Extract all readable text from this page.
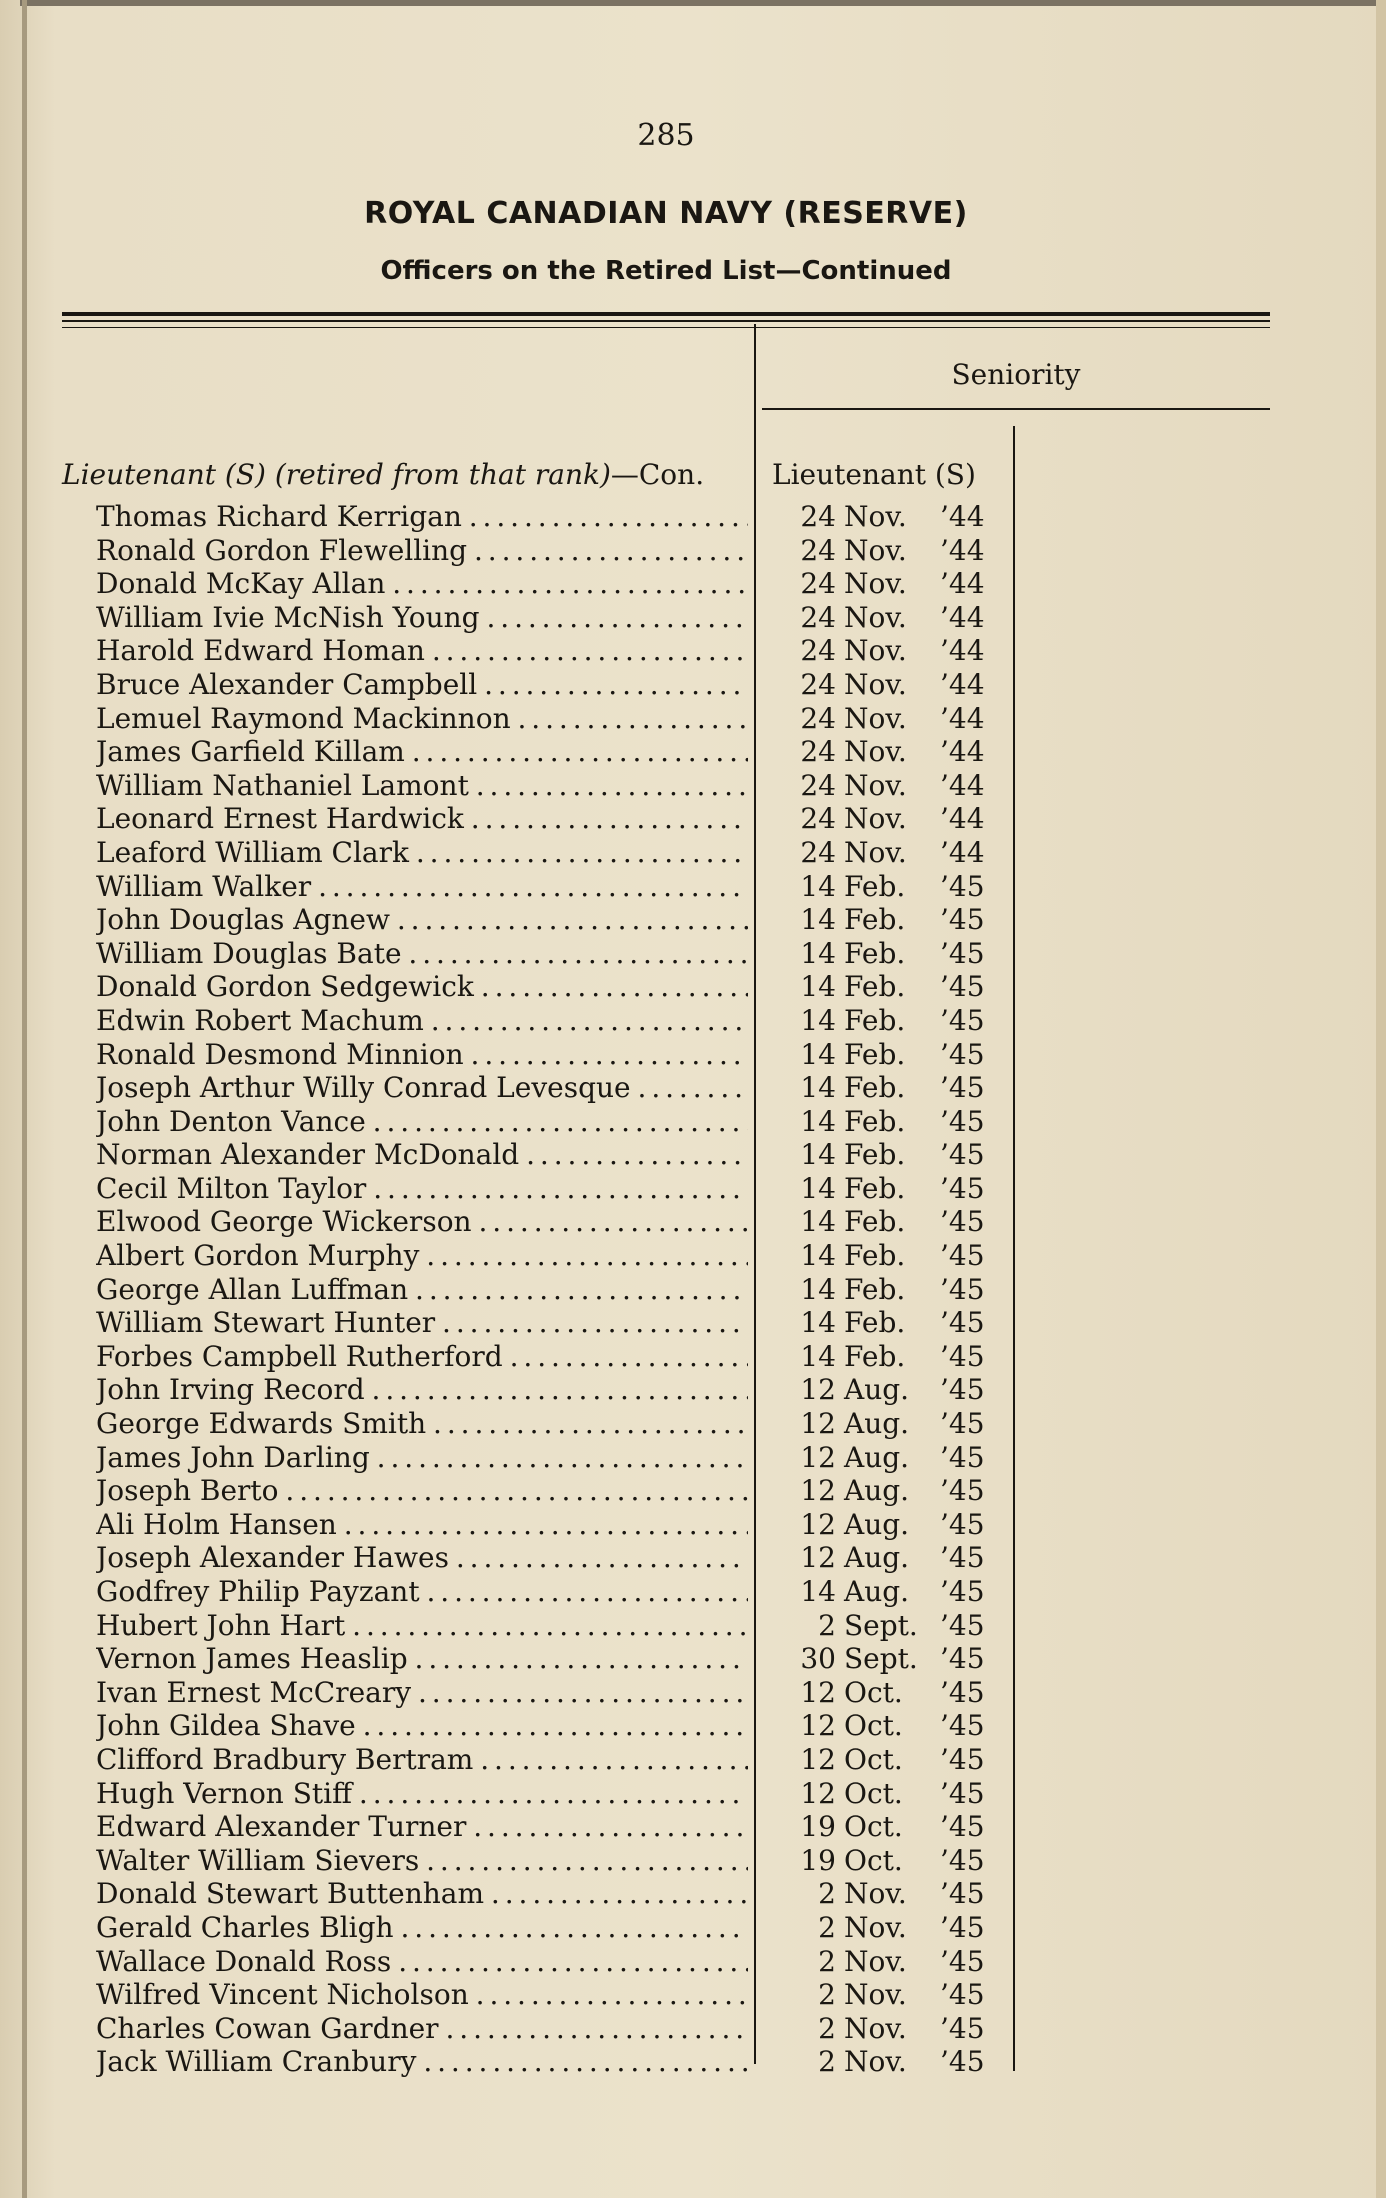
285
ROYAL CANADIAN NAVY (RESERVE)
Officers on the Retired List—Continued
Seniority
Lieutenant (S) (retired from that rank)—Con. Lieutenant (S)
Thomas Richard Kerrigan . . .	24 Nov.	’44
Ronald Gordon Flewelling . . .	24 Nov.	’44
Donald McKay Allan . . .	24 Nov.	’44
William Ivie McNish Young . . .	24 Nov.	’44
Harold Edward Homan . . .	24 Nov.	’44
Bruce Alexander Campbell . . .	24 Nov.	’44
Lemuel Raymond Mackinnon . . .	24 Nov.	’44
James Garfield Killam . . .	24 Nov.	’44
William Nathaniel Lamont . . .	24 Nov.	’44
Leonard Ernest Hardwick . . .	24 Nov.	’44
Leaford William Clark . . .	24 Nov.	’44
William Walker . . .	14 Feb.	’45
John Douglas Agnew . . .	14 Feb.	’45
William Douglas Bate . . .	14 Feb.	’45
Donald Gordon Sedgewick . . .	14 Feb.	’45
Edwin Robert Machum . . .	14 Feb.	’45
Ronald Desmond Minnion . . .	14 Feb.	’45
Joseph Arthur Willy Conrad Levesque . . .	14 Feb.	’45
John Denton Vance . . .	14 Feb.	’45
Norman Alexander McDonald . . .	14 Feb.	’45
Cecil Milton Taylor . . .	14 Feb.	’45
Elwood George Wickerson . . .	14 Feb.	’45
Albert Gordon Murphy . . .	14 Feb.	’45
George Allan Luffman . . .	14 Feb.	’45
William Stewart Hunter . . .	14 Feb.	’45
Forbes Campbell Rutherford . . .	14 Feb.	’45
John Irving Record . . .	12 Aug.	’45
George Edwards Smith . . .	12 Aug.	’45
James John Darling . . .	12 Aug.	’45
Joseph Berto . . .	12 Aug.	’45
Ali Holm Hansen . . .	12 Aug.	’45
Joseph Alexander Hawes . . .	12 Aug.	’45
Godfrey Philip Payzant . . .	14 Aug.	’45
Hubert John Hart . . .	2 Sept. ’45
Vernon James Heaslip . . .	30 Sept. ’45
Ivan Ernest McCreary . . .	12 Oct.	’45
John Gildea Shave . . .	12 Oct.	’45
Clifford Bradbury Bertram . . .	12 Oct.	’45
Hugh Vernon Stiff . . .	12 Oct.	’45
Edward Alexander Turner . . .	19 Oct.	’45
Walter William Sievers . . .	19 Oct.	’45
Donald Stewart Buttenham . . .	2 Nov.	’45
Gerald Charles Bligh . . .	2 Nov.	’45
Wallace Donald Ross . . .	2 Nov.	’45
Wilfred Vincent Nicholson . . .	2 Nov.	’45
Charles Cowan Gardner . . .	2 Nov.	’45
Jack William Cranbury . . .	2 Nov.	’45
